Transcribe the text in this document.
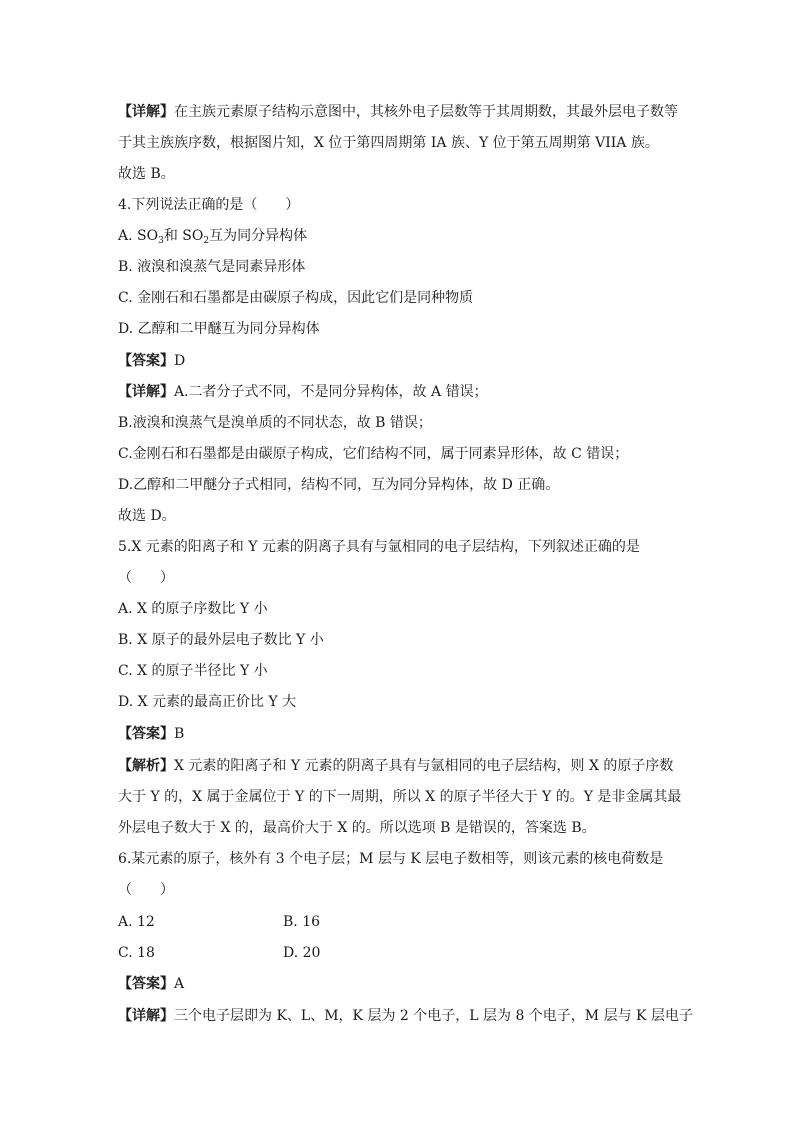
【详解】在主族元素原子结构示意图中，其核外电子层数等于其周期数，其最外层电子数等
于其主族族序数，根据图片知，X 位于第四周期第 IA 族、Y 位于第五周期第 VIIA 族。
故选 B。
4.下列说法正确的是（　　）
A. $SO_3$和 $SO_2$互为同分异构体
B. 液溴和溴蒸气是同素异形体
C. 金刚石和石墨都是由碳原子构成，因此它们是同种物质
D. 乙醇和二甲醚互为同分异构体
【答案】D
【详解】A.二者分子式不同，不是同分异构体，故 A 错误；
B.液溴和溴蒸气是溴单质的不同状态，故 B 错误；
C.金刚石和石墨都是由碳原子构成，它们结构不同，属于同素异形体，故 C 错误；
D.乙醇和二甲醚分子式相同，结构不同，互为同分异构体，故 D 正确。
故选 D。
5.X 元素的阳离子和 Y 元素的阴离子具有与氩相同的电子层结构，下列叙述正确的是
（　　）
A. X 的原子序数比 Y 小
B. X 原子的最外层电子数比 Y 小
C. X 的原子半径比 Y 小
D. X 元素的最高正价比 Y 大
【答案】B
【解析】X 元素的阳离子和 Y 元素的阴离子具有与氩相同的电子层结构，则 X 的原子序数
大于 Y 的，X 属于金属位于 Y 的下一周期，所以 X 的原子半径大于 Y 的。Y 是非金属其最
外层电子数大于 X 的，最高价大于 X 的。所以选项 B 是错误的，答案选 B。
6.某元素的原子，核外有 3 个电子层；M 层与 K 层电子数相等，则该元素的核电荷数是
（　　）
A. 12	B. 16
C. 18	D. 20
【答案】A
【详解】三个电子层即为 K、L、M，K 层为 2 个电子，L 层为 8 个电子，M 层与 K 层电子
